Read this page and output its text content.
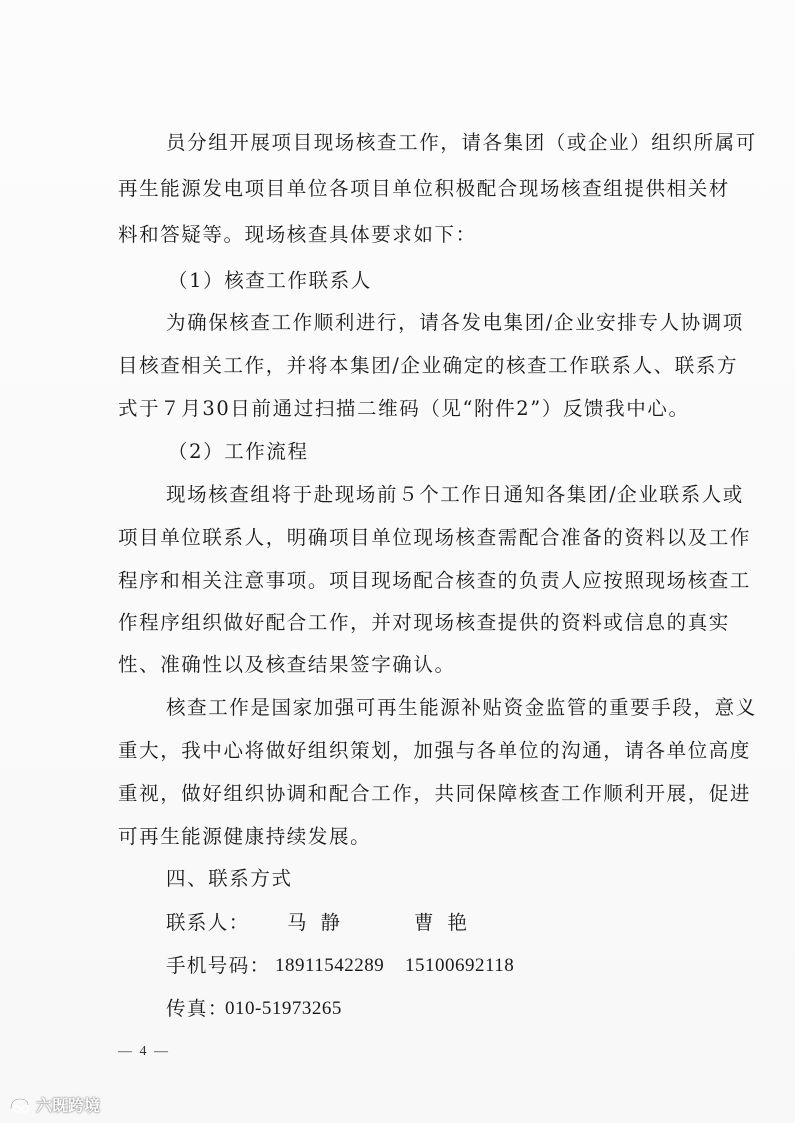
员分组开展项目现场核查工作，请各集团（或企业）组织所属可
再生能源发电项目单位各项目单位积极配合现场核查组提供相关材
料和答疑等。现场核查具体要求如下：
（1）核查工作联系人
为确保核查工作顺利进行，请各发电集团/企业安排专人协调项
目核查相关工作，并将本集团/企业确定的核查工作联系人、联系方
式于７月30日前通过扫描二维码（见“附件2”）反馈我中心。
（2）工作流程
现场核查组将于赴现场前５个工作日通知各集团/企业联系人或
项目单位联系人，明确项目单位现场核查需配合准备的资料以及工作
程序和相关注意事项。项目现场配合核查的负责人应按照现场核查工
作程序组织做好配合工作，并对现场核查提供的资料或信息的真实
性、准确性以及核查结果签字确认。
核查工作是国家加强可再生能源补贴资金监管的重要手段，意义
重大，我中心将做好组织策划，加强与各单位的沟通，请各单位高度
重视，做好组织协调和配合工作，共同保障核查工作顺利开展，促进
可再生能源健康持续发展。
四、联系方式
联系人： 马静	曹艳
手机号码： 18911542289 15100692118
传真：
010-51973265
— 4 —
六既跨境
